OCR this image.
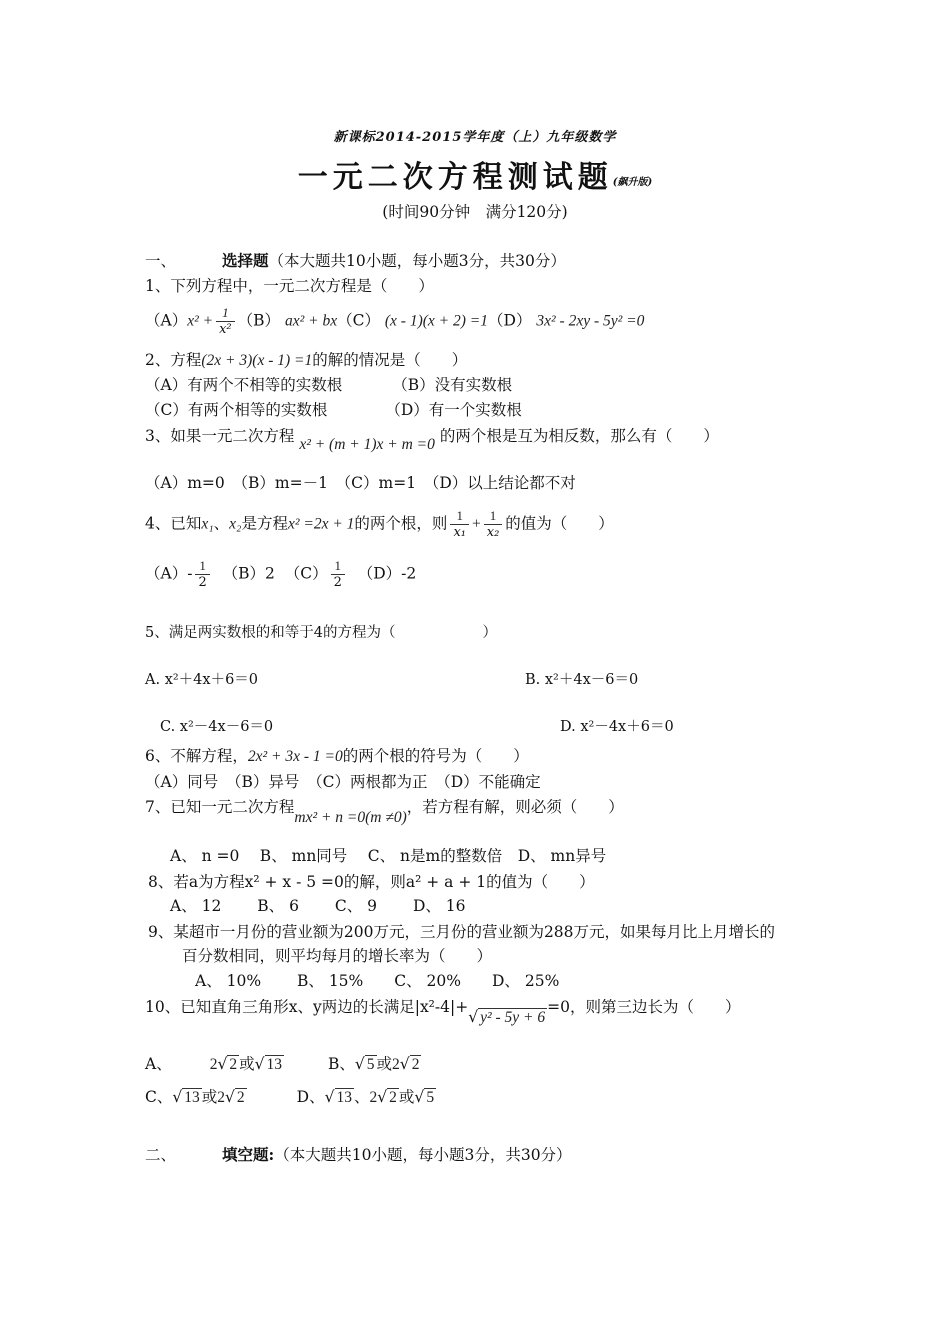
新课标2014-2015学年度（上）九年级数学
一元二次方程测试题(飙升版)
(时间90分钟　满分120分)
一、	选择题（本大题共10小题，每小题3分，共30分）
1、下列方程中，一元二次方程是（　　）
$(A)x^2 + \frac{1}{\text{x²}} (B) ax^2 + bx(C)$ (x - 1)(x + 2) =1（D） 3x² - 2xy - 5y² =0
2、方程(2x + 3)(x - 1) =1的解的情况是（　　）
（A）有两个不相等的实数根	（B）没有实数根
（C）有两个相等的实数根	（D）有一个实数根
3、如果一元二次方程 x² + (m + 1)x + m =0 的两个根是互为相反数，那么有（　　）
（A）m=0　（B）m=－1　（C）m=1　（D）以上结论都不对
4、已知x₁、x₂是方程x² =2x + 1的两个根，则 $\frac{1}{\text{x₁}} + \frac{1}{\text{x₂}}$ 的值为（　　）
$(A)- \frac{1}{2} (B)2$ $(C) \frac{1}{2} (D)-2$
5、满足两实数根的和等于4的方程为（　　　　　　）
A. x²＋4x＋6＝0	B. x²＋4x－6＝0
C. x²－4x－6＝0	D. x²－4x＋6＝0
6、不解方程，2x² + 3x - 1 =0的两个根的符号为（　　）
（A）同号　（B）异号　（C）两根都为正　（D）不能确定
7、已知一元二次方程mx² + n =0(m ≠0)，若方程有解，则必须（　　）
A、 n =0　 B、 mn同号　 C、 n是m的整数倍　D、 mn异号
8、若a为方程x² + x - 5 =0的解，则a² + a + 1的值为（　　）
A、 12　　 B、 6　　 C、 9　　 D、 16
9、某超市一月份的营业额为200万元，三月份的营业额为288万元，如果每月比上月增长的
百分数相同，则平均每月的增长率为（　　）
A、 10%　　 B、 15%　　C、 20%　　D、 25%
10、已知直角三角形x、y两边的长满足|x²-4|+√ y² - 5y + 6=0，则第三边长为（　　）
A、 2√ 2 或√ 13	B、√ 5 或2√ 2
C、√ 13 或2√ 2	D、√ 13 、2√ 2 或√ 5
二、	填空题:（本大题共10小题，每小题3分，共30分）
